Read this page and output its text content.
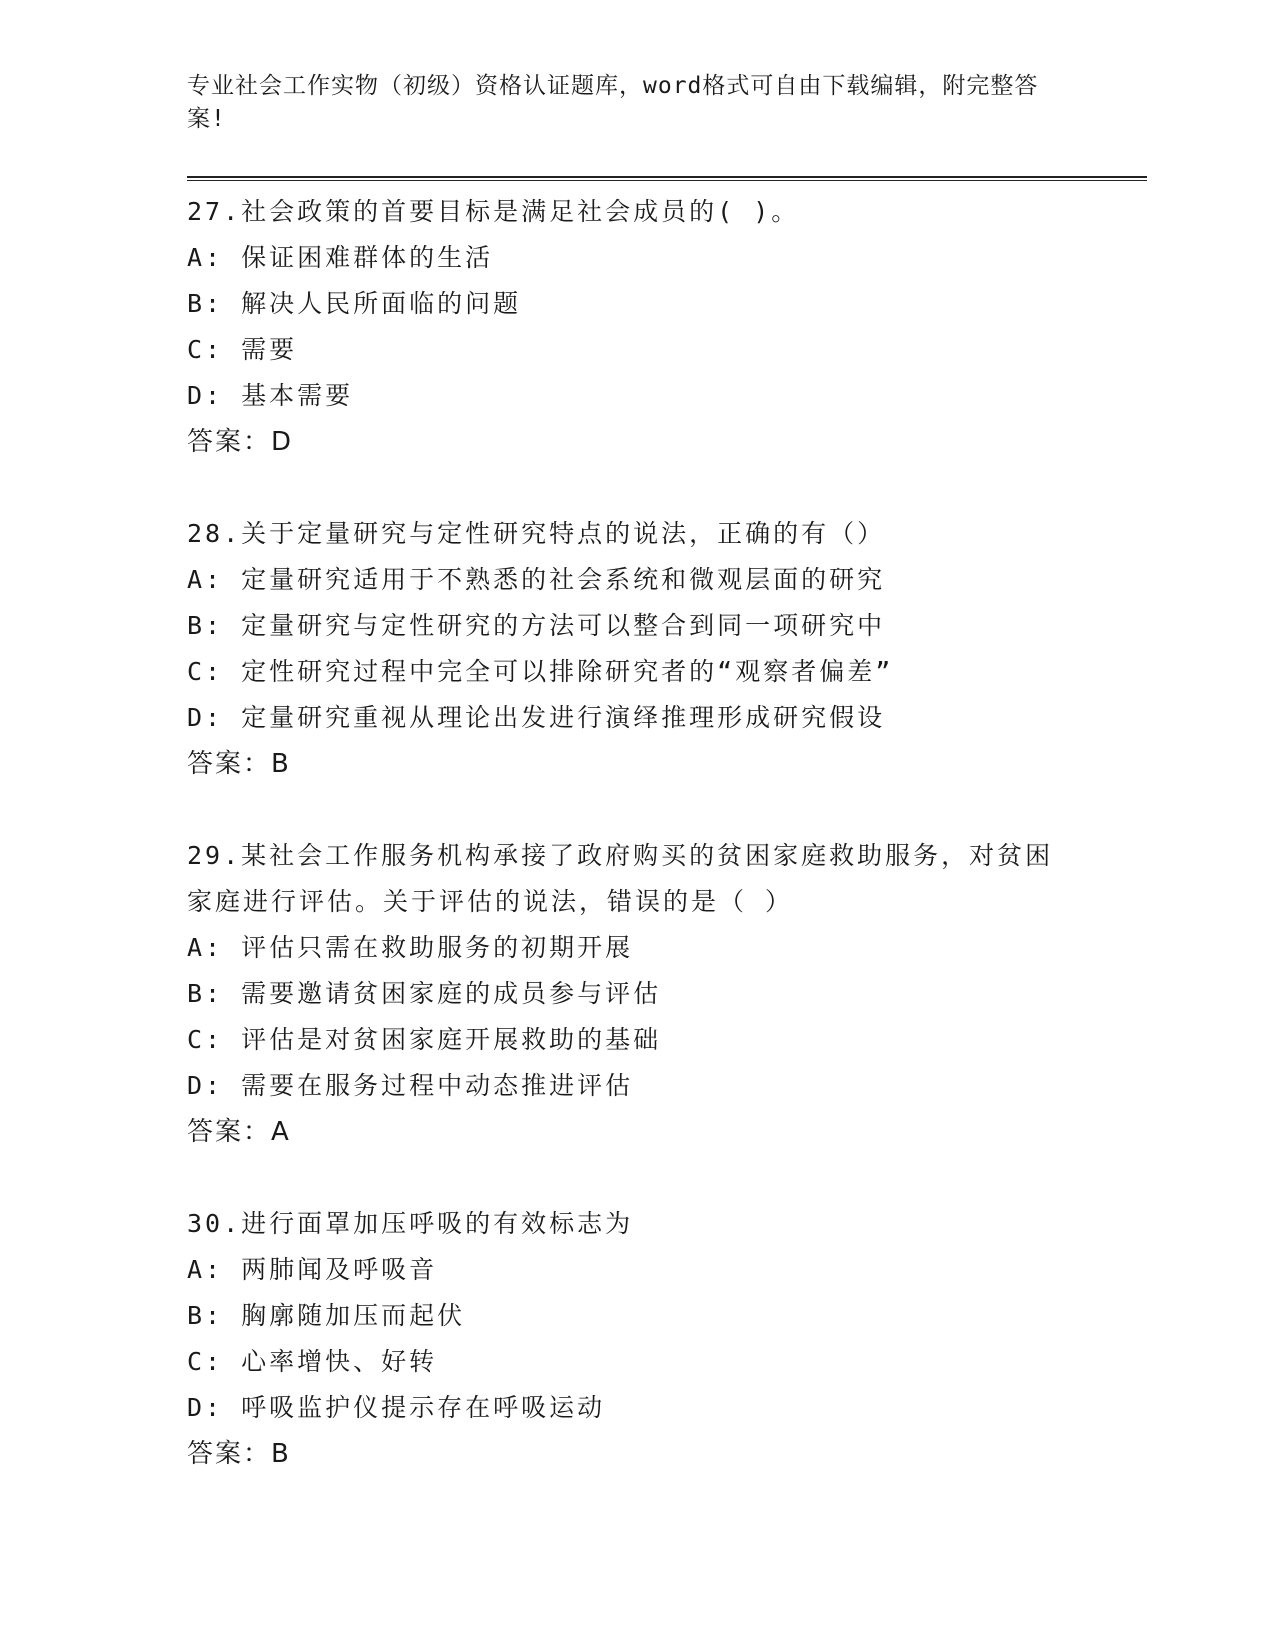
专业社会工作实物（初级）资格认证题库，word格式可自由下载编辑，附完整答案!

27.社会政策的首要目标是满足社会成员的( )。

A: 保证困难群体的生活

B: 解决人民所面临的问题

C: 需要

D: 基本需要

答案：D

28.关于定量研究与定性研究特点的说法，正确的有（）

A: 定量研究适用于不熟悉的社会系统和微观层面的研究

B: 定量研究与定性研究的方法可以整合到同一项研究中

C: 定性研究过程中完全可以排除研究者的“观察者偏差”

D: 定量研究重视从理论出发进行演绎推理形成研究假设

答案：B

29.某社会工作服务机构承接了政府购买的贫困家庭救助服务，对贫困家庭进行评估。关于评估的说法，错误的是（ ）

A: 评估只需在救助服务的初期开展

B: 需要邀请贫困家庭的成员参与评估

C: 评估是对贫困家庭开展救助的基础

D: 需要在服务过程中动态推进评估

答案：A

30.进行面罩加压呼吸的有效标志为

A: 两肺闻及呼吸音

B: 胸廓随加压而起伏

C: 心率增快、好转

D: 呼吸监护仪提示存在呼吸运动

答案：B
